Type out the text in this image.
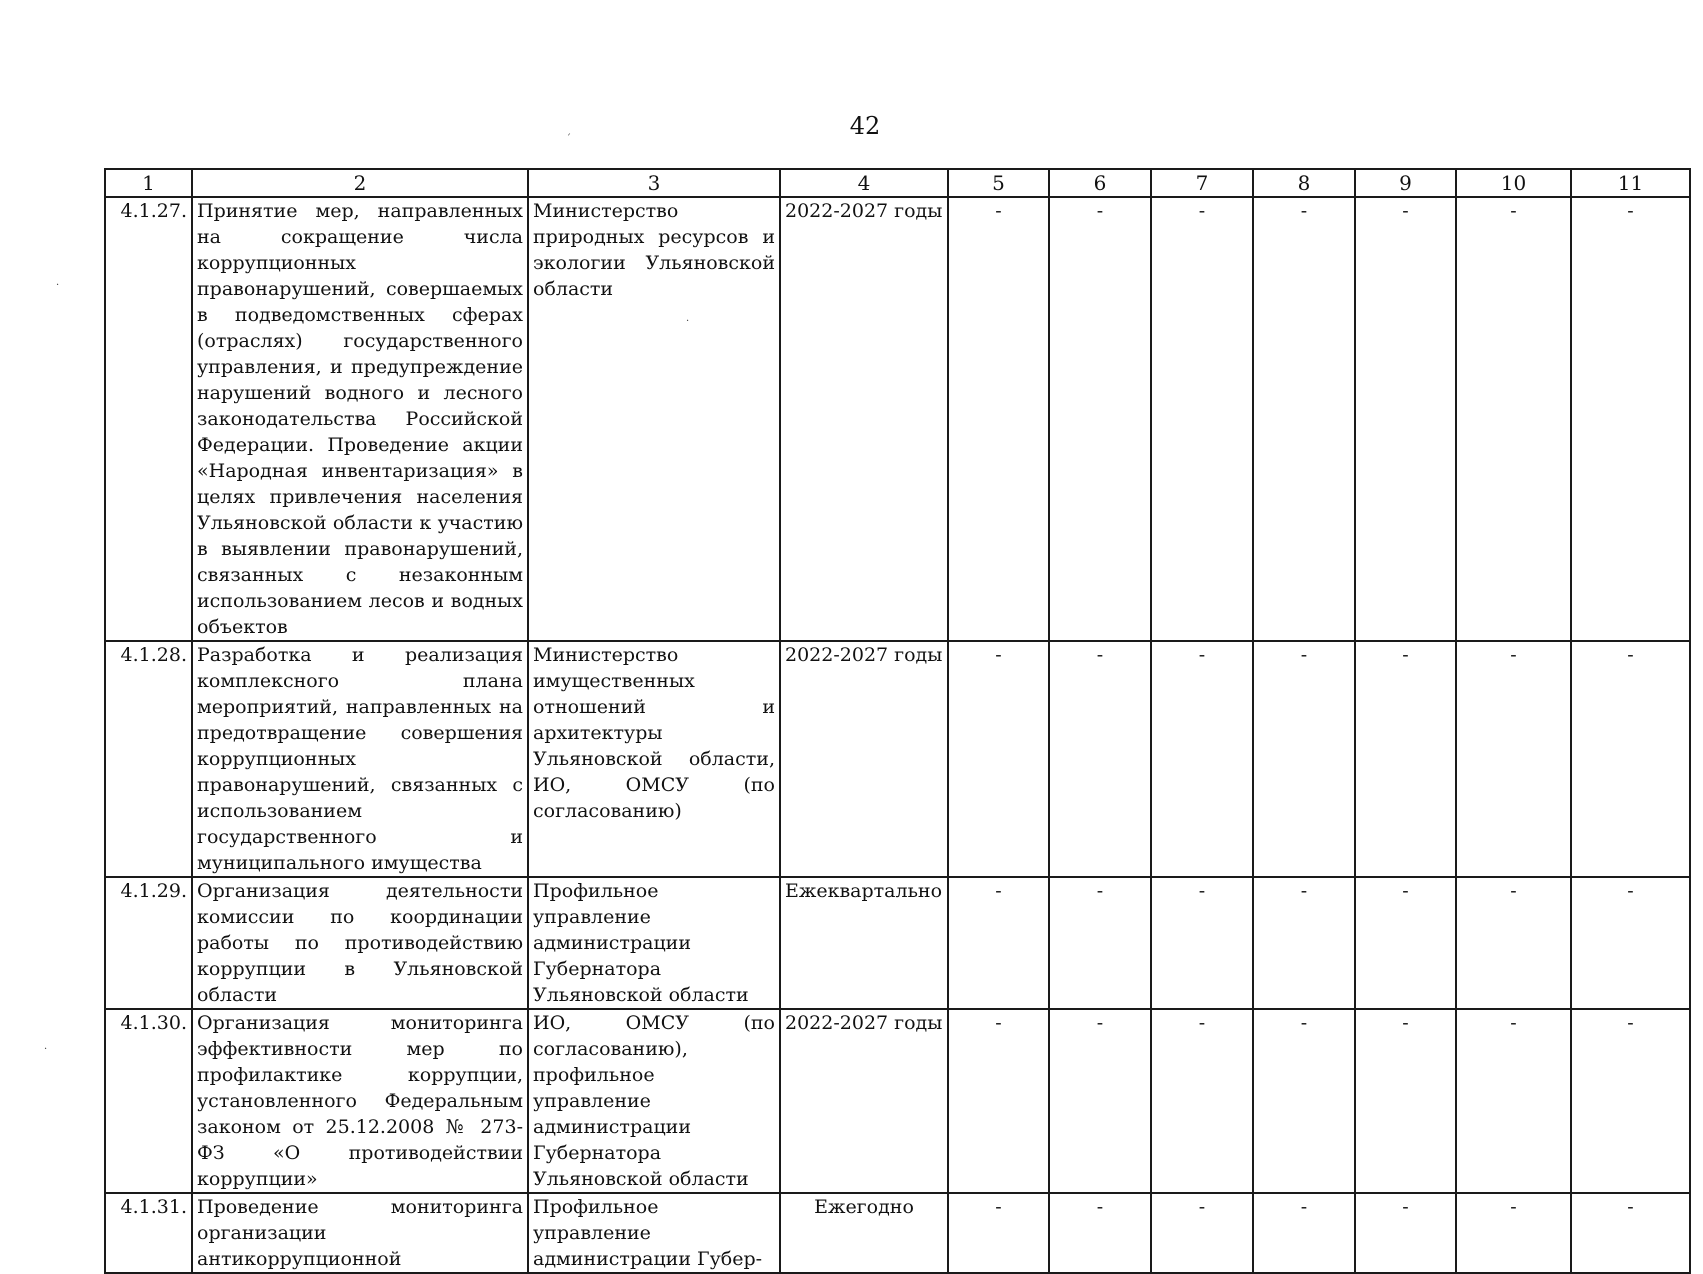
42
ˊ
·
·
·
1	2	3	4	5	6	7	8	9	10	11
4.1.27.	Принятие мер, направленных на сокращение числа коррупционных правонарушений, совершаемых в подведомственных сферах (отраслях) государственного управления, и предупреждение нарушений водного и лесного законодательства Российской Федерации. Проведение акции «Народная инвентаризация» в целях привлечения населения Ульяновской области к участию в выявлении правонарушений, связанных с незаконным использованием лесов и водных объектов	Министерство природных ресурсов и экологии Ульяновской области	2022-2027 годы	-	-	-	-	-	-	-
4.1.28.	Разработка и реализация комплексного плана мероприятий, направленных на предотвращение совершения коррупционных правонарушений, связанных с использованием государственного и муниципального имущества	Министерство имущественных отношений и архитектуры Ульяновской области, ИО, ОМСУ (по согласованию)	2022-2027 годы	-	-	-	-	-	-	-
4.1.29.	Организация деятельности комиссии по координации работы по противодействию коррупции в Ульяновской области	Профильное управление администрации Губернатора Ульяновской области	Ежеквартально	-	-	-	-	-	-	-
4.1.30.	Организация мониторинга эффективности мер по профилактике коррупции, установленного Федеральным законом от 25.12.2008 № 273-ФЗ «О противодействии коррупции»	ИО, ОМСУ (по согласованию), профильное управление администрации Губернатора Ульяновской области	2022-2027 годы	-	-	-	-	-	-	-
4.1.31.	Проведение мониторинга организации антикоррупционной	Профильное управление администрации Губер-	Ежегодно	-	-	-	-	-	-	-
